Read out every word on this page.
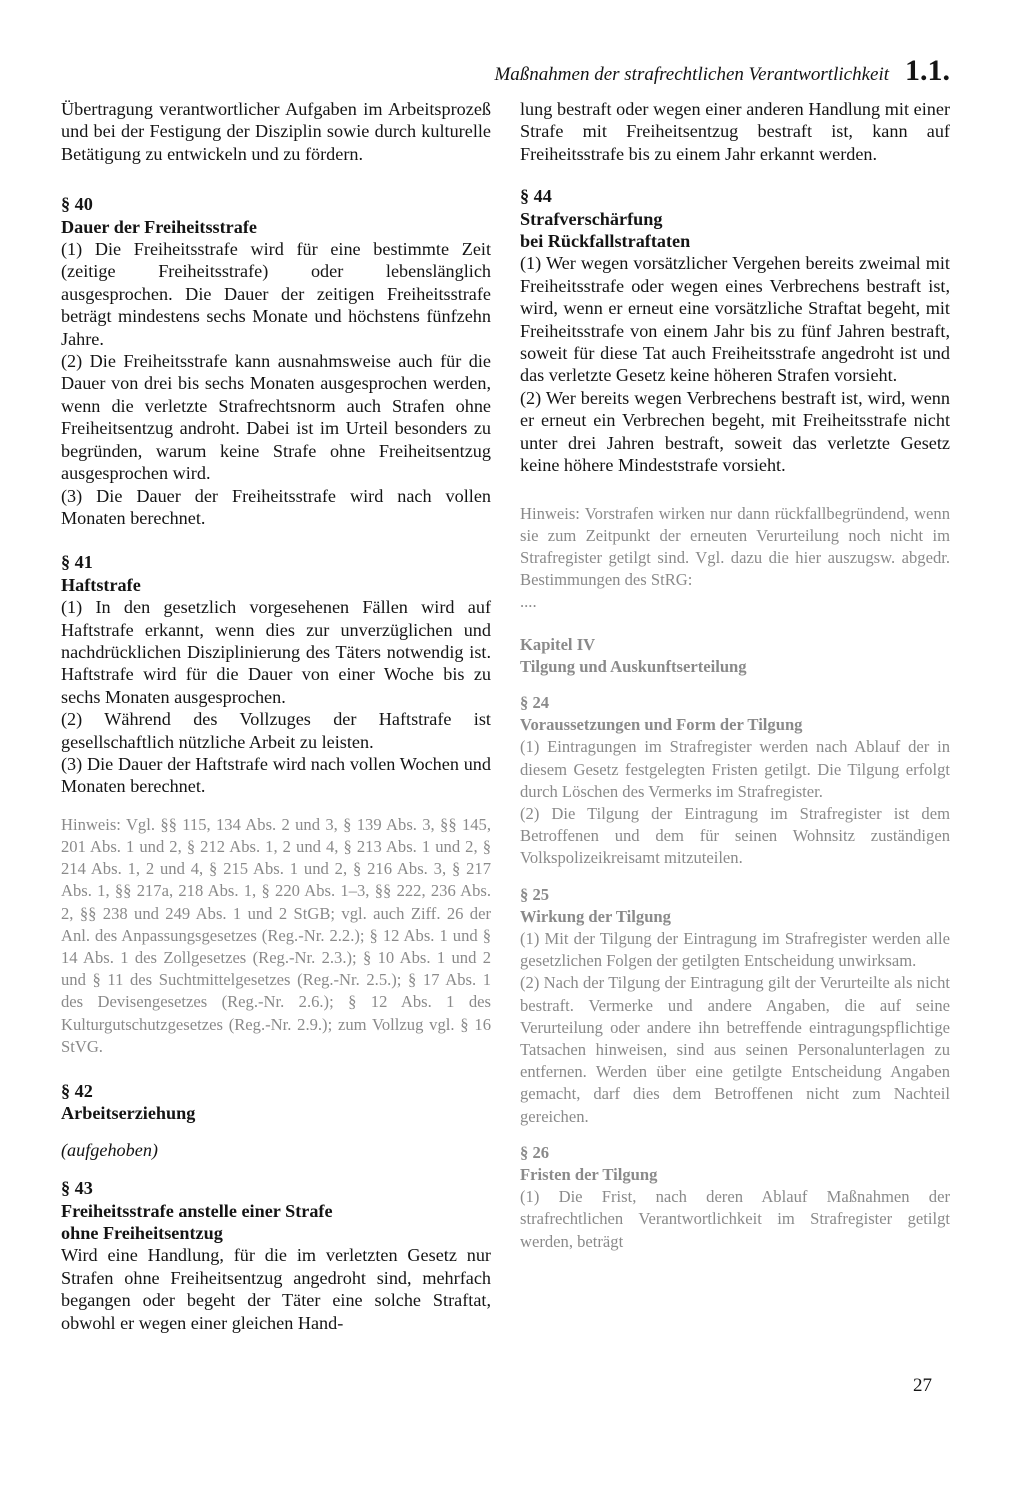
Maßnahmen der strafrechtlichen Verantwortlichkeit 1.1.

Übertragung verantwortlicher Aufgaben im Arbeitsprozeß und bei der Festigung der Disziplin sowie durch kulturelle Betätigung zu entwickeln und zu fördern.

§ 40

Dauer der Freiheitsstrafe

(1) Die Freiheitsstrafe wird für eine bestimmte Zeit (zeitige Freiheitsstrafe) oder lebenslänglich ausgesprochen. Die Dauer der zeitigen Freiheitsstrafe beträgt mindestens sechs Monate und höchstens fünfzehn Jahre.

(2) Die Freiheitsstrafe kann ausnahmsweise auch für die Dauer von drei bis sechs Monaten ausgesprochen werden, wenn die verletzte Strafrechtsnorm auch Strafen ohne Freiheitsentzug androht. Dabei ist im Urteil besonders zu begründen, warum keine Strafe ohne Freiheitsentzug ausgesprochen wird.

(3) Die Dauer der Freiheitsstrafe wird nach vollen Monaten berechnet.

§ 41

Haftstrafe

(1) In den gesetzlich vorgesehenen Fällen wird auf Haftstrafe erkannt, wenn dies zur unverzüglichen und nachdrücklichen Disziplinierung des Täters notwendig ist. Haftstrafe wird für die Dauer von einer Woche bis zu sechs Monaten ausgesprochen.

(2) Während des Vollzuges der Haftstrafe ist gesellschaftlich nützliche Arbeit zu leisten.

(3) Die Dauer der Haftstrafe wird nach vollen Wochen und Monaten berechnet.

Hinweis: Vgl. §§ 115, 134 Abs. 2 und 3, § 139 Abs. 3, §§ 145, 201 Abs. 1 und 2, § 212 Abs. 1, 2 und 4, § 213 Abs. 1 und 2, § 214 Abs. 1, 2 und 4, § 215 Abs. 1 und 2, § 216 Abs. 3, § 217 Abs. 1, §§ 217a, 218 Abs. 1, § 220 Abs. 1–3, §§ 222, 236 Abs. 2, §§ 238 und 249 Abs. 1 und 2 StGB; vgl. auch Ziff. 26 der Anl. des Anpassungsgesetzes (Reg.-Nr. 2.2.); § 12 Abs. 1 und § 14 Abs. 1 des Zollgesetzes (Reg.-Nr. 2.3.); § 10 Abs. 1 und 2 und § 11 des Suchtmittelgesetzes (Reg.-Nr. 2.5.); § 17 Abs. 1 des Devisengesetzes (Reg.-Nr. 2.6.); § 12 Abs. 1 des Kulturgutschutzgesetzes (Reg.-Nr. 2.9.); zum Vollzug vgl. § 16 StVG.

§ 42

Arbeitserziehung

(aufgehoben)

§ 43

Freiheitsstrafe anstelle einer Strafe

ohne Freiheitsentzug

Wird eine Handlung, für die im verletzten Gesetz nur Strafen ohne Freiheitsentzug angedroht sind, mehrfach begangen oder begeht der Täter eine solche Straftat, obwohl er wegen einer gleichen Hand-

lung bestraft oder wegen einer anderen Handlung mit einer Strafe mit Freiheitsentzug bestraft ist, kann auf Freiheitsstrafe bis zu einem Jahr erkannt werden.

§ 44

Strafverschärfung

bei Rückfallstraftaten

(1) Wer wegen vorsätzlicher Vergehen bereits zweimal mit Freiheitsstrafe oder wegen eines Verbrechens bestraft ist, wird, wenn er erneut eine vorsätzliche Straftat begeht, mit Freiheitsstrafe von einem Jahr bis zu fünf Jahren bestraft, soweit für diese Tat auch Freiheitsstrafe angedroht ist und das verletzte Gesetz keine höheren Strafen vorsieht.

(2) Wer bereits wegen Verbrechens bestraft ist, wird, wenn er erneut ein Verbrechen begeht, mit Freiheitsstrafe nicht unter drei Jahren bestraft, soweit das verletzte Gesetz keine höhere Mindeststrafe vorsieht.

Hinweis: Vorstrafen wirken nur dann rückfallbegründend, wenn sie zum Zeitpunkt der erneuten Verurteilung noch nicht im Strafregister getilgt sind. Vgl. dazu die hier auszugsw. abgedr. Bestimmungen des StRG:

....

Kapitel IV

Tilgung und Auskunftserteilung

§ 24

Voraussetzungen und Form der Tilgung

(1) Eintragungen im Strafregister werden nach Ablauf der in diesem Gesetz festgelegten Fristen getilgt. Die Tilgung erfolgt durch Löschen des Vermerks im Strafregister.

(2) Die Tilgung der Eintragung im Strafregister ist dem Betroffenen und dem für seinen Wohnsitz zuständigen Volkspolizeikreisamt mitzuteilen.

§ 25

Wirkung der Tilgung

(1) Mit der Tilgung der Eintragung im Strafregister werden alle gesetzlichen Folgen der getilgten Entscheidung unwirksam.

(2) Nach der Tilgung der Eintragung gilt der Verurteilte als nicht bestraft. Vermerke und andere Angaben, die auf seine Verurteilung oder andere ihn betreffende eintragungspflichtige Tatsachen hinweisen, sind aus seinen Personalunterlagen zu entfernen. Werden über eine getilgte Entscheidung Angaben gemacht, darf dies dem Betroffenen nicht zum Nachteil gereichen.

§ 26

Fristen der Tilgung

(1) Die Frist, nach deren Ablauf Maßnahmen der strafrechtlichen Verantwortlichkeit im Strafregister getilgt werden, beträgt

27
